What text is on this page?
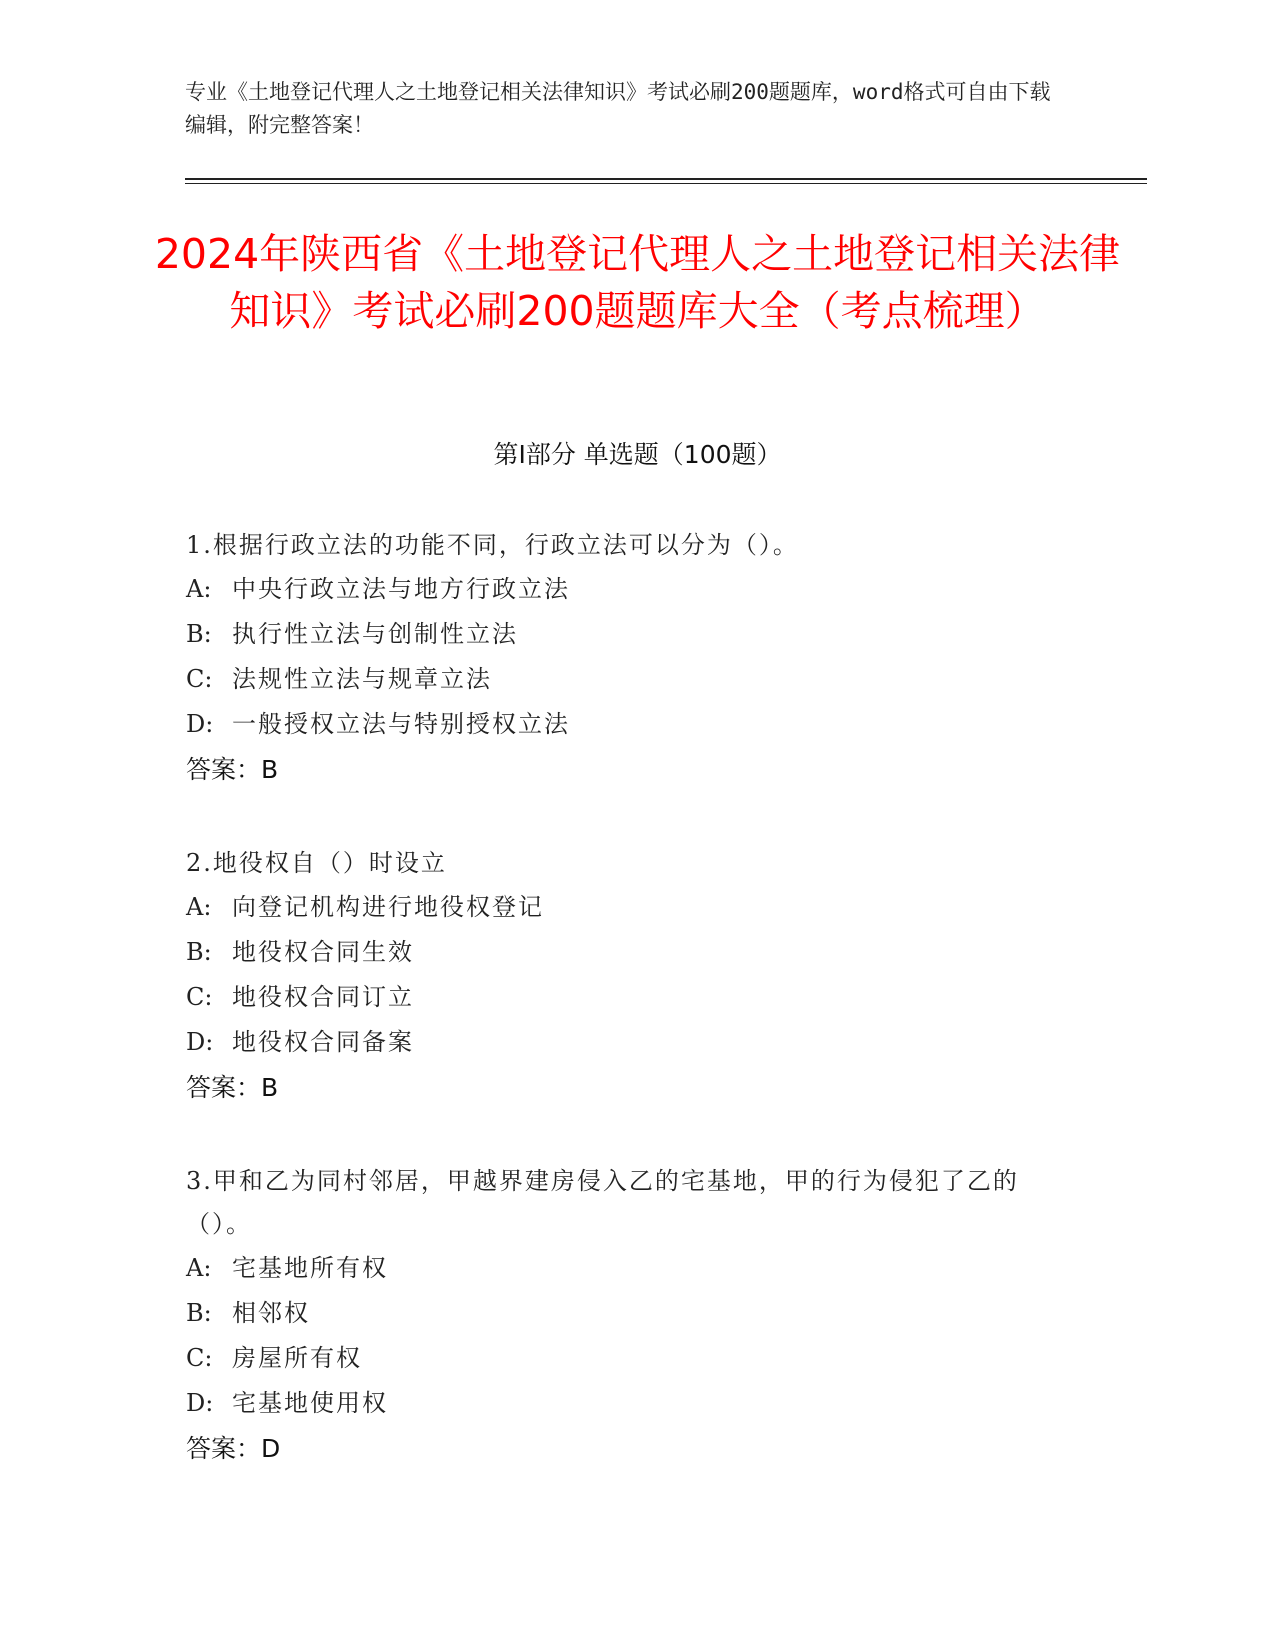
专业《土地登记代理人之土地登记相关法律知识》考试必刷200题题库，word格式可自由下载编辑，附完整答案！
2024年陕西省《土地登记代理人之土地登记相关法律知识》考试必刷200题题库大全（考点梳理）
第I部分 单选题（100题）
1.根据行政立法的功能不同，行政立法可以分为（）。
A: 中央行政立法与地方行政立法
B: 执行性立法与创制性立法
C: 法规性立法与规章立法
D: 一般授权立法与特别授权立法
答案：B
2.地役权自（）时设立
A: 向登记机构进行地役权登记
B: 地役权合同生效
C: 地役权合同订立
D: 地役权合同备案
答案：B
3.甲和乙为同村邻居，甲越界建房侵入乙的宅基地，甲的行为侵犯了乙的（）。
A: 宅基地所有权
B: 相邻权
C: 房屋所有权
D: 宅基地使用权
答案：D
